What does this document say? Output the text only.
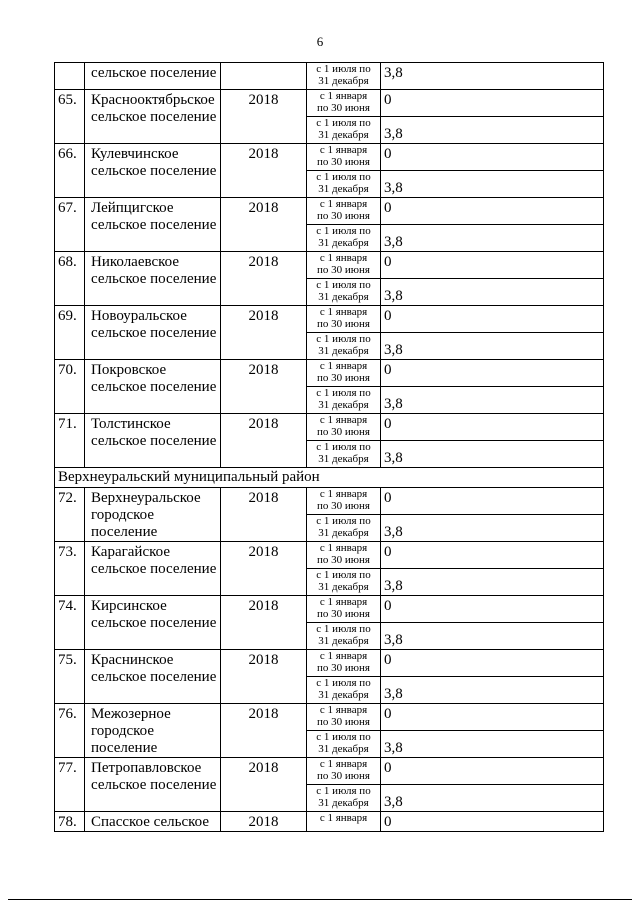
6
	сельское поселение		с 1 июля по
31 декабря	3,8
65.	Краснооктябрьское сельское поселение	2018	с 1 января
по 30 июня	0
			с 1 июля по
31 декабря	3,8
66.	Кулевчинское сельское поселение	2018	с 1 января
по 30 июня	0
			с 1 июля по
31 декабря	3,8
67.	Лейпцигское сельское поселение	2018	с 1 января
по 30 июня	0
			с 1 июля по
31 декабря	3,8
68.	Николаевское сельское поселение	2018	с 1 января
по 30 июня	0
			с 1 июля по
31 декабря	3,8
69.	Новоуральское сельское поселение	2018	с 1 января
по 30 июня	0
			с 1 июля по
31 декабря	3,8
70.	Покровское сельское поселение	2018	с 1 января
по 30 июня	0
			с 1 июля по
31 декабря	3,8
71.	Толстинское сельское поселение	2018	с 1 января
по 30 июня	0
			с 1 июля по
31 декабря	3,8
Верхнеуральский муниципальный район				
72.	Верхнеуральское городское поселение	2018	с 1 января
по 30 июня	0
			с 1 июля по
31 декабря	3,8
73.	Карагайское сельское поселение	2018	с 1 января
по 30 июня	0
			с 1 июля по
31 декабря	3,8
74.	Кирсинское сельское поселение	2018	с 1 января
по 30 июня	0
			с 1 июля по
31 декабря	3,8
75.	Краснинское сельское поселение	2018	с 1 января
по 30 июня	0
			с 1 июля по
31 декабря	3,8
76.	Межозерное городское поселение	2018	с 1 января
по 30 июня	0
			с 1 июля по
31 декабря	3,8
77.	Петропавловское сельское поселение	2018	с 1 января
по 30 июня	0
			с 1 июля по
31 декабря	3,8
78.	Спасское сельское	2018	с 1 января	0
